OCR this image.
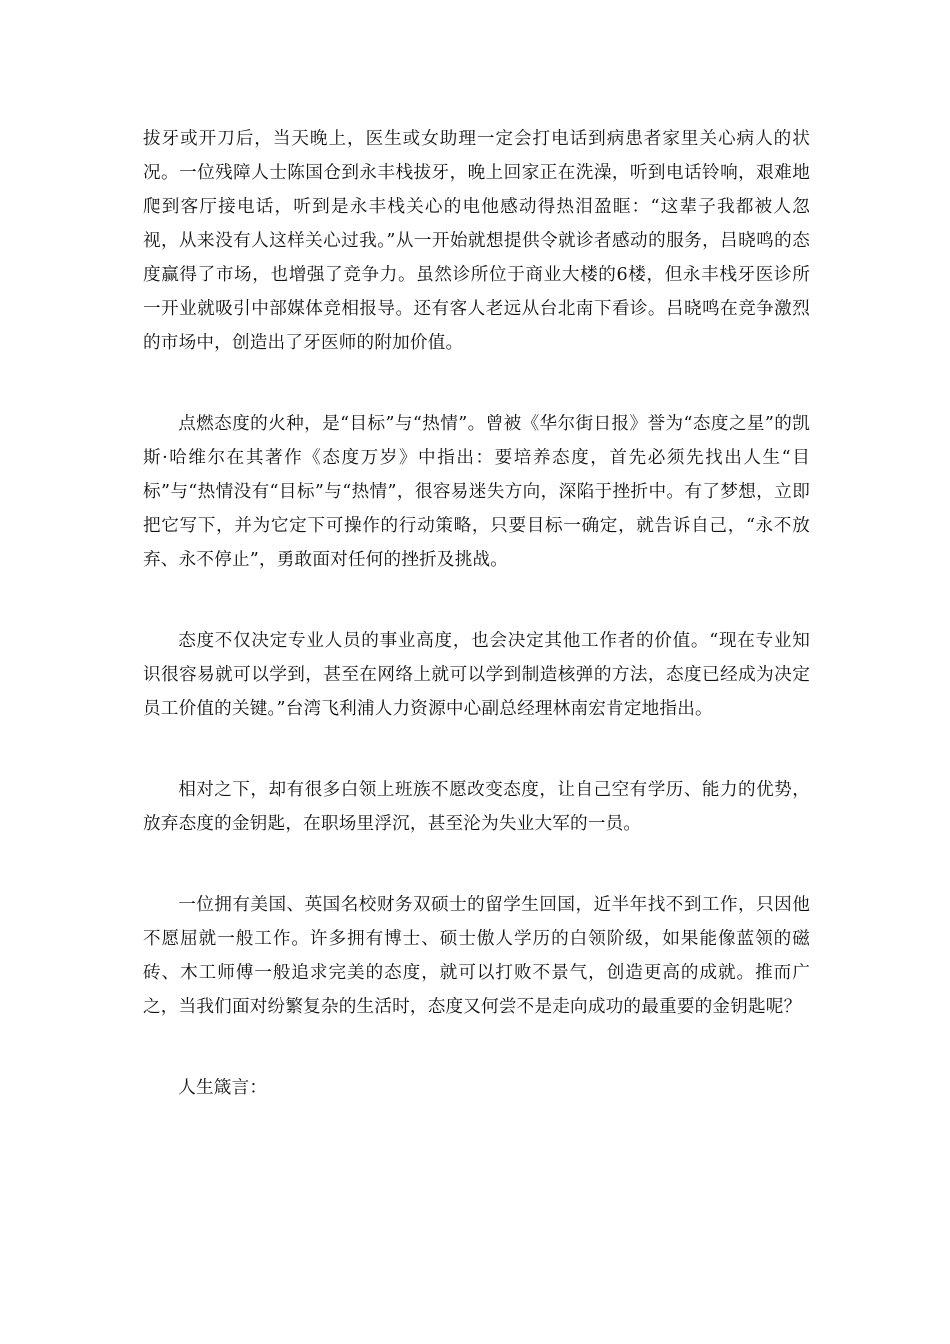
拔牙或开刀后，当天晚上，医生或女助理一定会打电话到病患者家里关心病人的状况。一位残障人士陈国仓到永丰栈拔牙，晚上回家正在洗澡，听到电话铃响，艰难地爬到客厅接电话，听到是永丰栈关心的电他感动得热泪盈眶：“这辈子我都被人忽视，从来没有人这样关心过我。”从一开始就想提供令就诊者感动的服务，吕晓鸣的态度赢得了市场，也增强了竞争力。虽然诊所位于商业大楼的6楼，但永丰栈牙医诊所一开业就吸引中部媒体竞相报导。还有客人老远从台北南下看诊。吕晓鸣在竞争激烈的市场中，创造出了牙医师的附加价值。

点燃态度的火种，是“目标”与“热情”。曾被《华尔街日报》誉为“态度之星”的凯斯·哈维尔在其著作《态度万岁》中指出：要培养态度，首先必须先找出人生“目标”与“热情没有“目标”与“热情”，很容易迷失方向，深陷于挫折中。有了梦想，立即把它写下，并为它定下可操作的行动策略，只要目标一确定，就告诉自己，“永不放弃、永不停止”，勇敢面对任何的挫折及挑战。

态度不仅决定专业人员的事业高度，也会决定其他工作者的价值。“现在专业知识很容易就可以学到，甚至在网络上就可以学到制造核弹的方法，态度已经成为决定员工价值的关键。”台湾飞利浦人力资源中心副总经理林南宏肯定地指出。

相对之下，却有很多白领上班族不愿改变态度，让自己空有学历、能力的优势，放弃态度的金钥匙，在职场里浮沉，甚至沦为失业大军的一员。

一位拥有美国、英国名校财务双硕士的留学生回国，近半年找不到工作，只因他不愿屈就一般工作。许多拥有博士、硕士傲人学历的白领阶级，如果能像蓝领的磁砖、木工师傅一般追求完美的态度，就可以打败不景气，创造更高的成就。推而广之，当我们面对纷繁复杂的生活时，态度又何尝不是走向成功的最重要的金钥匙呢？

人生箴言：
